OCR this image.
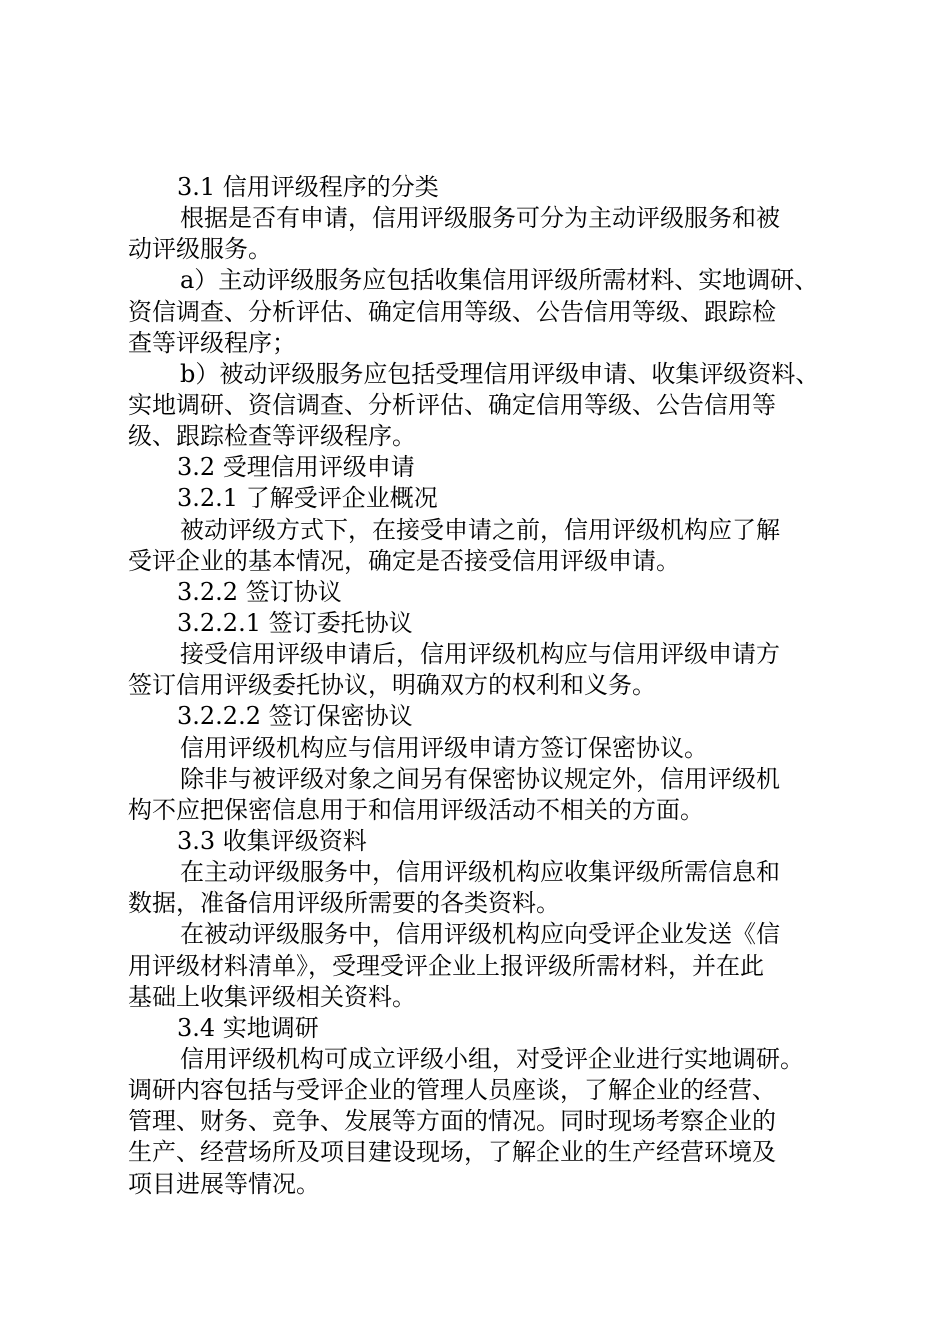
3.1 信用评级程序的分类
根据是否有申请，信用评级服务可分为主动评级服务和被
动评级服务。
a）主动评级服务应包括收集信用评级所需材料、实地调研、
资信调查、分析评估、确定信用等级、公告信用等级、跟踪检
查等评级程序；
b）被动评级服务应包括受理信用评级申请、收集评级资料、
实地调研、资信调查、分析评估、确定信用等级、公告信用等
级、跟踪检查等评级程序。
3.2 受理信用评级申请
3.2.1 了解受评企业概况
被动评级方式下，在接受申请之前，信用评级机构应了解
受评企业的基本情况，确定是否接受信用评级申请。
3.2.2 签订协议
3.2.2.1 签订委托协议
接受信用评级申请后，信用评级机构应与信用评级申请方
签订信用评级委托协议，明确双方的权利和义务。
3.2.2.2 签订保密协议
信用评级机构应与信用评级申请方签订保密协议。
除非与被评级对象之间另有保密协议规定外，信用评级机
构不应把保密信息用于和信用评级活动不相关的方面。
3.3 收集评级资料
在主动评级服务中，信用评级机构应收集评级所需信息和
数据，准备信用评级所需要的各类资料。
在被动评级服务中，信用评级机构应向受评企业发送《信
用评级材料清单》，受理受评企业上报评级所需材料，并在此
基础上收集评级相关资料。
3.4 实地调研
信用评级机构可成立评级小组，对受评企业进行实地调研。
调研内容包括与受评企业的管理人员座谈，了解企业的经营、
管理、财务、竞争、发展等方面的情况。同时现场考察企业的
生产、经营场所及项目建设现场，了解企业的生产经营环境及
项目进展等情况。
